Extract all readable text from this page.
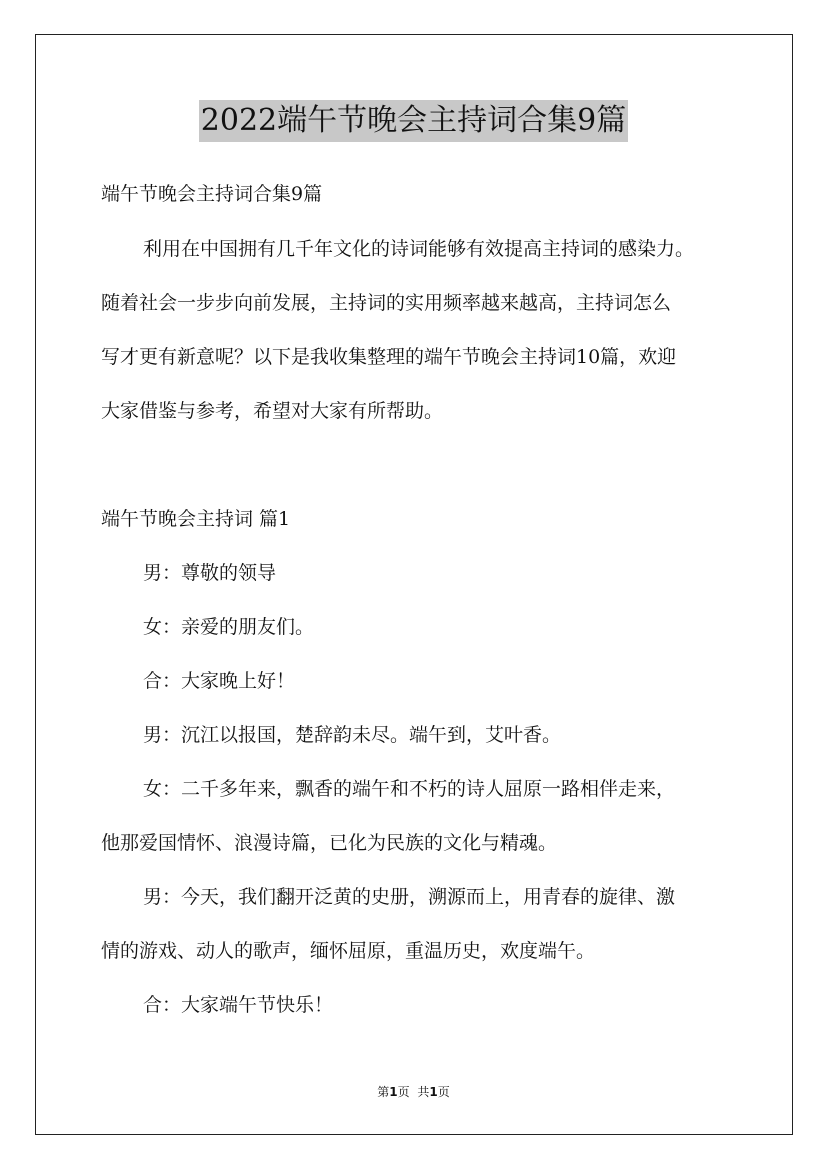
2022端午节晚会主持词合集9篇
端午节晚会主持词合集9篇
利用在中国拥有几千年文化的诗词能够有效提高主持词的感染力。
随着社会一步步向前发展，主持词的实用频率越来越高，主持词怎么
写才更有新意呢？以下是我收集整理的端午节晚会主持词10篇，欢迎
大家借鉴与参考，希望对大家有所帮助。
端午节晚会主持词 篇1
男：尊敬的领导
女：亲爱的朋友们。
合：大家晚上好！
男：沉江以报国，楚辞韵未尽。端午到，艾叶香。
女：二千多年来，飘香的端午和不朽的诗人屈原一路相伴走来，
他那爱国情怀、浪漫诗篇，已化为民族的文化与精魂。
男：今天，我们翻开泛黄的史册，溯源而上，用青春的旋律、激
情的游戏、动人的歌声，缅怀屈原，重温历史，欢度端午。
合：大家端午节快乐！
第1页 共1页
